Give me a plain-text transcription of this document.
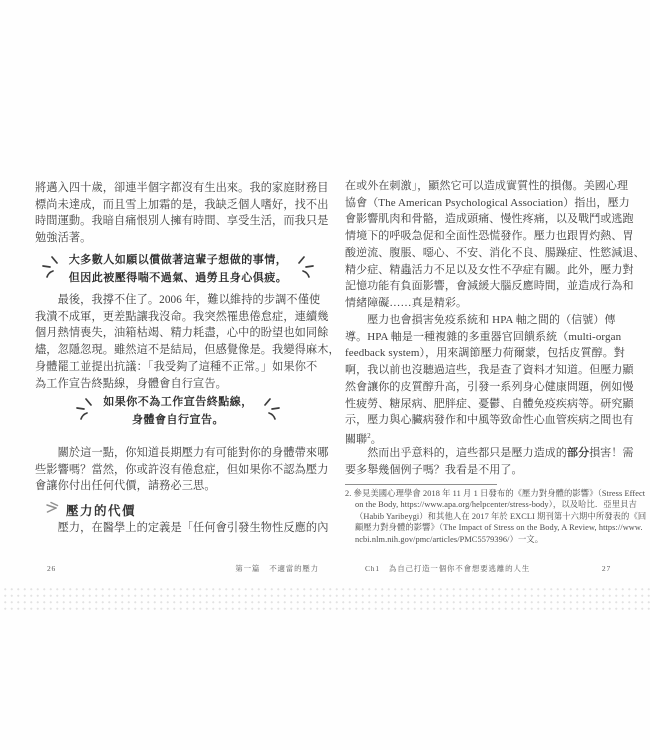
將邁入四十歲，卻連半個字都沒有生出來。我的家庭財務目
標尚未達成，而且雪上加霜的是，我缺乏個人嗜好，找不出
時間運動。我暗自痛恨別人擁有時間、享受生活，而我只是
勉強活著。
大多數人如願以償做著這輩子想做的事情，
但因此被壓得喘不過氣、過勞且身心俱疲。
　　最後，我撐不住了。2006 年，難以維持的步調不僅使
我潰不成軍，更差點讓我沒命。我突然罹患倦怠症，連續幾
個月熱情喪失，油箱枯竭、精力耗盡，心中的盼望也如同餘
燼，忽隱忽現。雖然這不是結局，但感覺像是。我變得麻木，
身體罷工並提出抗議：「我受夠了這種不正常。」如果你不
為工作宣告終點線，身體會自行宣告。
如果你不為工作宣告終點線，
身體會自行宣告。
　　關於這一點，你知道長期壓力有可能對你的身體帶來哪
些影響嗎？當然，你或許沒有倦怠症，但如果你不認為壓力
會讓你付出任何代價，請務必三思。
壓力的代價
　　壓力，在醫學上的定義是「任何會引發生物性反應的內
26	第一篇 不適當的壓力
在或外在刺激」，顯然它可以造成實質性的損傷。美國心理
協會（The American Psychological Association）指出，壓力
會影響肌肉和骨骼，造成頭痛、慢性疼痛，以及戰鬥或逃跑
情境下的呼吸急促和全面性恐慌發作。壓力也跟胃灼熱、胃
酸逆流、腹脹、噁心、不安、消化不良、腸躁症、性慾減退、
精少症、精蟲活力不足以及女性不孕症有關。此外，壓力對
記憶功能有負面影響，會減緩大腦反應時間，並造成行為和
情緒障礙……真是精彩。
　　壓力也會損害免疫系統和 HPA 軸之間的（信號）傳
導。HPA 軸是一種複雜的多重器官回饋系統（multi-organ
feedback system），用來調節壓力荷爾蒙，包括皮質醇。對
啊，我以前也沒聽過這些，我是查了資料才知道。但壓力顯
然會讓你的皮質醇升高，引發一系列身心健康問題，例如慢
性疲勞、糖尿病、肥胖症、憂鬱、自體免疫疾病等。研究顯
示，壓力與心臟病發作和中風等致命性心血管疾病之間也有
關聯$^2$。
　　然而出乎意料的，這些都只是壓力造成的部分損害！需
要多舉幾個例子嗎？我看是不用了。
2. 參見美國心理學會 2018 年 11 月 1 日發布的《壓力對身體的影響》（Stress Effect
on the Body, https://www.apa.org/helpcenter/stress-body），以及哈比．亞里貝吉
（Habib Yaribeygi）和其他人在 2017 年於 EXCLI 期刊第十六期中所發表的《回
顧壓力對身體的影響》（The Impact of Stress on the Body, A Review, https://www.
ncbi.nlm.nih.gov/pmc/articles/PMC5579396/）一文。
Ch1 為自己打造一個你不會想要逃離的人生	27
